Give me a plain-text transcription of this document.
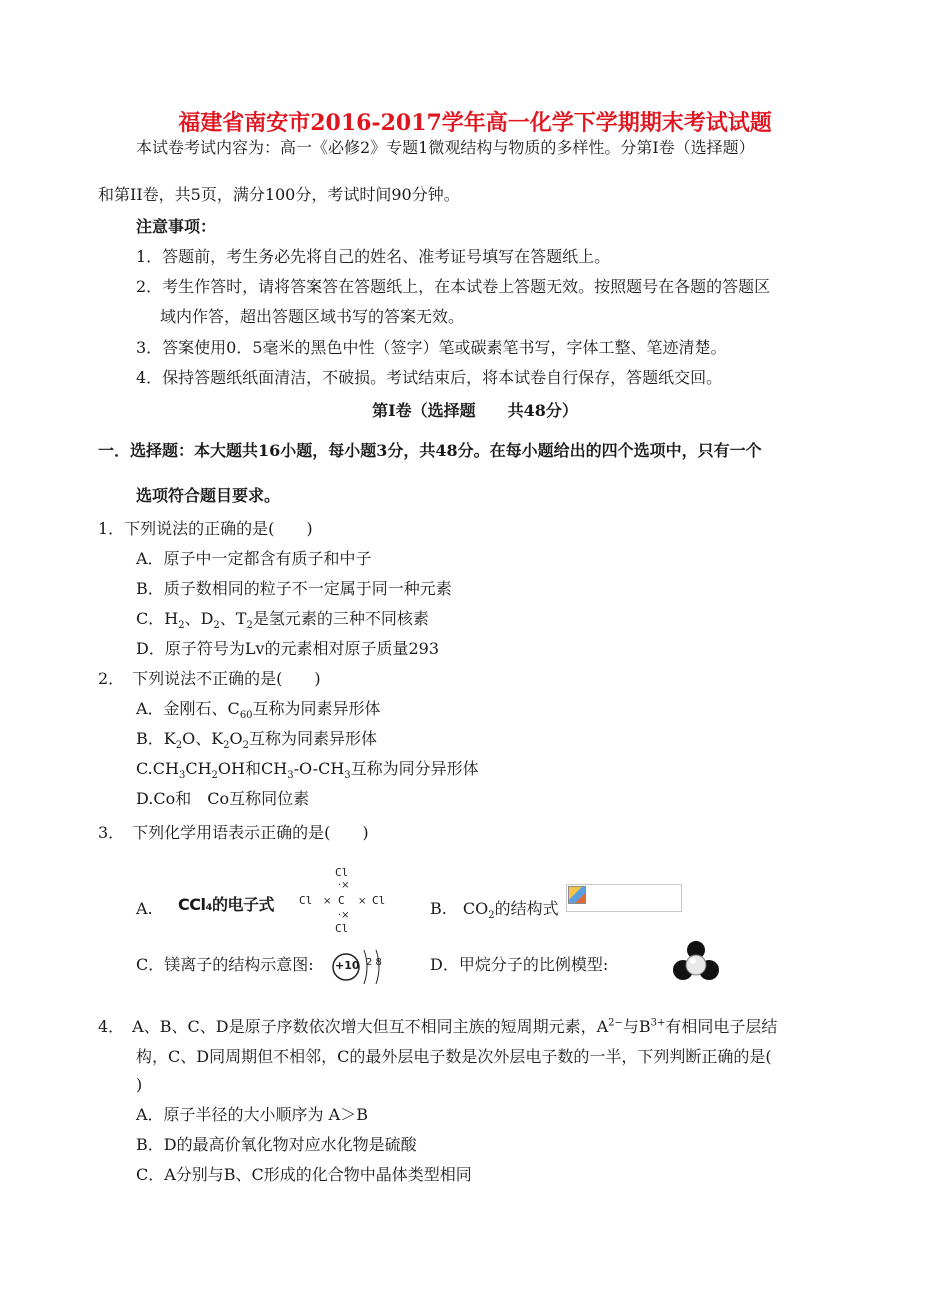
福建省南安市2016-2017学年高一化学下学期期末考试试题
本试卷考试内容为：高一《必修2》专题1微观结构与物质的多样性。分第I卷（选择题）
和第II卷，共5页，满分100分，考试时间90分钟。
注意事项：
1．答题前，考生务必先将自己的姓名、准考证号填写在答题纸上。
2．考生作答时，请将答案答在答题纸上，在本试卷上答题无效。按照题号在各题的答题区
域内作答，超出答题区域书写的答案无效。
3．答案使用0．5毫米的黑色中性（签字）笔或碳素笔书写，字体工整、笔迹清楚。
4．保持答题纸纸面清洁，不破损。考试结束后，将本试卷自行保存，答题纸交回。
第I卷（选择题　　共48分）
一．选择题：本大题共16小题，每小题3分，共48分。在每小题给出的四个选项中，只有一个
选项符合题目要求。
1．下列说法的正确的是(　　)
A．原子中一定都含有质子和中子
B．质子数相同的粒子不一定属于同一种元素
C．$H_2$、$D_2$、$T_2$是氢元素的三种不同核素
D．原子符号为Lv的元素相对原子质量293
2．　下列说法不正确的是(　　)
A．金刚石、$C_{60}$互称为同素异形体
B．$K_2O$、$K_2O_2$互称为同素异形体
$C.CH_3CH_2OH$和$CH_3-O-CH_3$互称为同分异形体
D.Co和　Co互称同位素
3．　下列化学用语表示正确的是(　　)
A. CCl₄的电子式
Cl
Cl C Cl
Cl
·×
×	×
·×	B.　$CO_2$的结构式
C．镁离子的结构示意图: +10 2 8	D．甲烷分子的比例模型:
4．　A、B、C、D是原子序数依次增大但互不相同主族的短周期元素，$A^{2-}$与$B^{3+}$有相同电子层结
构，C、D同周期但不相邻，C的最外层电子数是次外层电子数的一半，下列判断正确的是(
)
A．原子半径的大小顺序为 A＞B
B．D的最高价氧化物对应水化物是硫酸
C．A分别与B、C形成的化合物中晶体类型相同
